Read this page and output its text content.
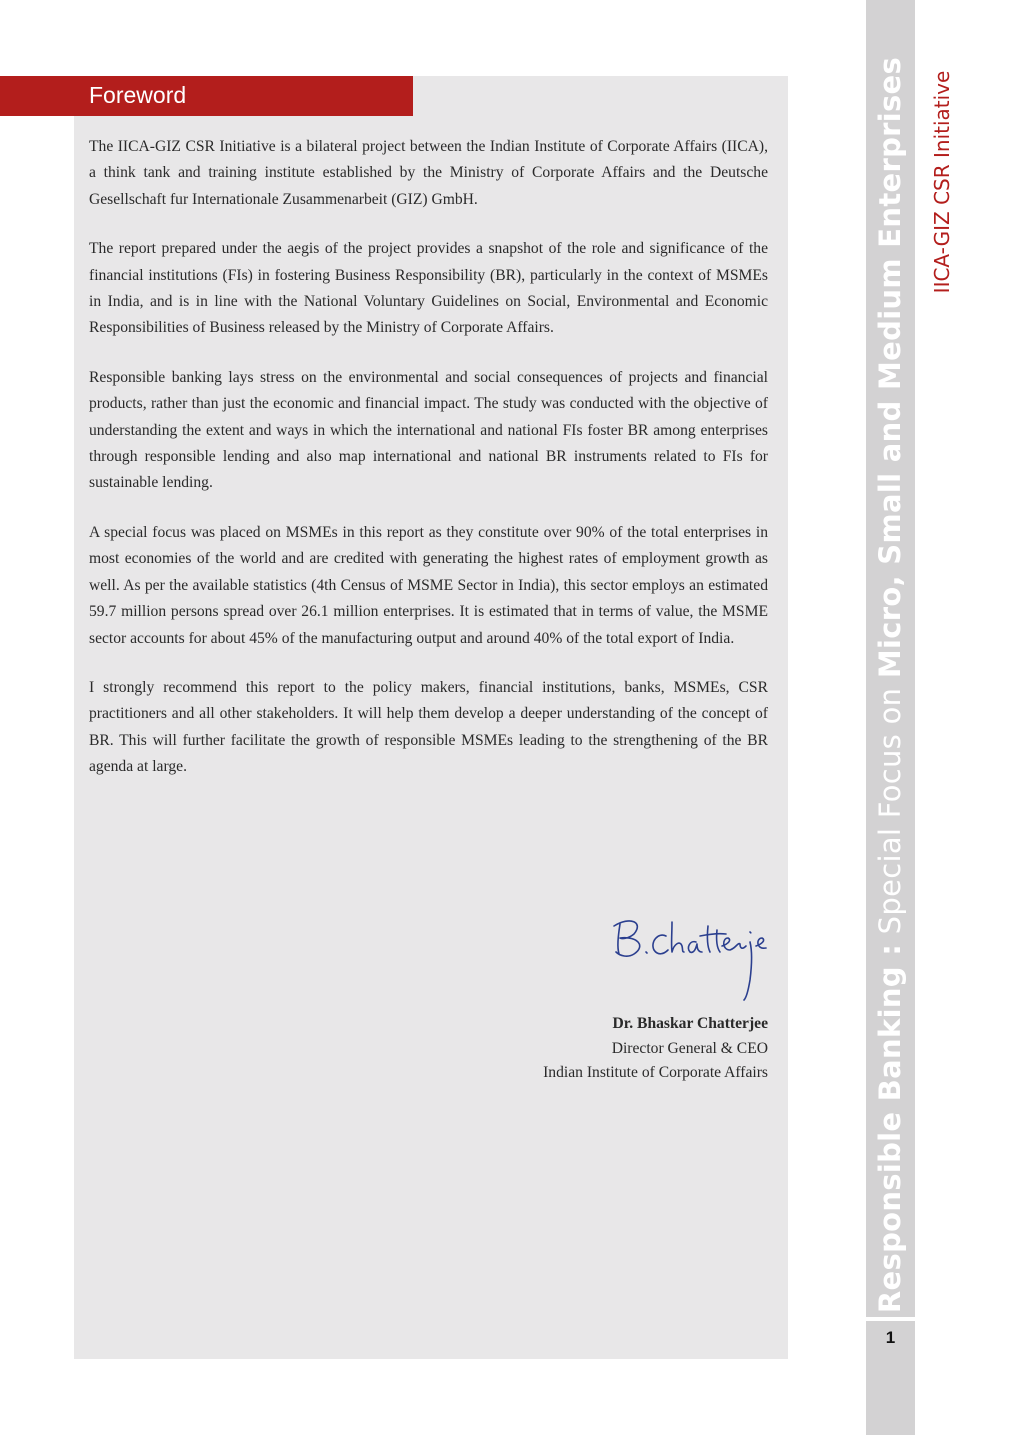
Foreword

The IICA-GIZ CSR Initiative is a bilateral project between the Indian Institute of Corporate Affairs (IICA), a think tank and training institute established by the Ministry of Corporate Affairs and the Deutsche Gesellschaft fur Internationale Zusammenarbeit (GIZ) GmbH.

The report prepared under the aegis of the project provides a snapshot of the role and significance of the financial institutions (FIs) in fostering Business Responsibility (BR), particularly in the context of MSMEs in India, and is in line with the National Voluntary Guidelines on Social, Environmental and Economic Responsibilities of Business released by the Ministry of Corporate Affairs.

Responsible banking lays stress on the environmental and social consequences of projects and financial products, rather than just the economic and financial impact. The study was conducted with the objective of understanding the extent and ways in which the international and national FIs foster BR among enterprises through responsible lending and also map international and national BR instruments related to FIs for sustainable lending.

A special focus was placed on MSMEs in this report as they constitute over 90% of the total enterprises in most economies of the world and are credited with generating the highest rates of employment growth as well. As per the available statistics (4th Census of MSME Sector in India), this sector employs an estimated 59.7 million persons spread over 26.1 million enterprises. It is estimated that in terms of value, the MSME sector accounts for about 45% of the manufacturing output and around 40% of the total export of India.

I strongly recommend this report to the policy makers, financial institutions, banks, MSMEs, CSR practitioners and all other stakeholders. It will help them develop a deeper understanding of the concept of BR. This will further facilitate the growth of responsible MSMEs leading to the strengthening of the BR agenda at large.

Dr. Bhaskar Chatterjee
Director General & CEO
Indian Institute of Corporate Affairs	Responsible Banking : Special Focus on Micro, Small and Medium Enterprises IICA-GIZ CSR Initiative
1
